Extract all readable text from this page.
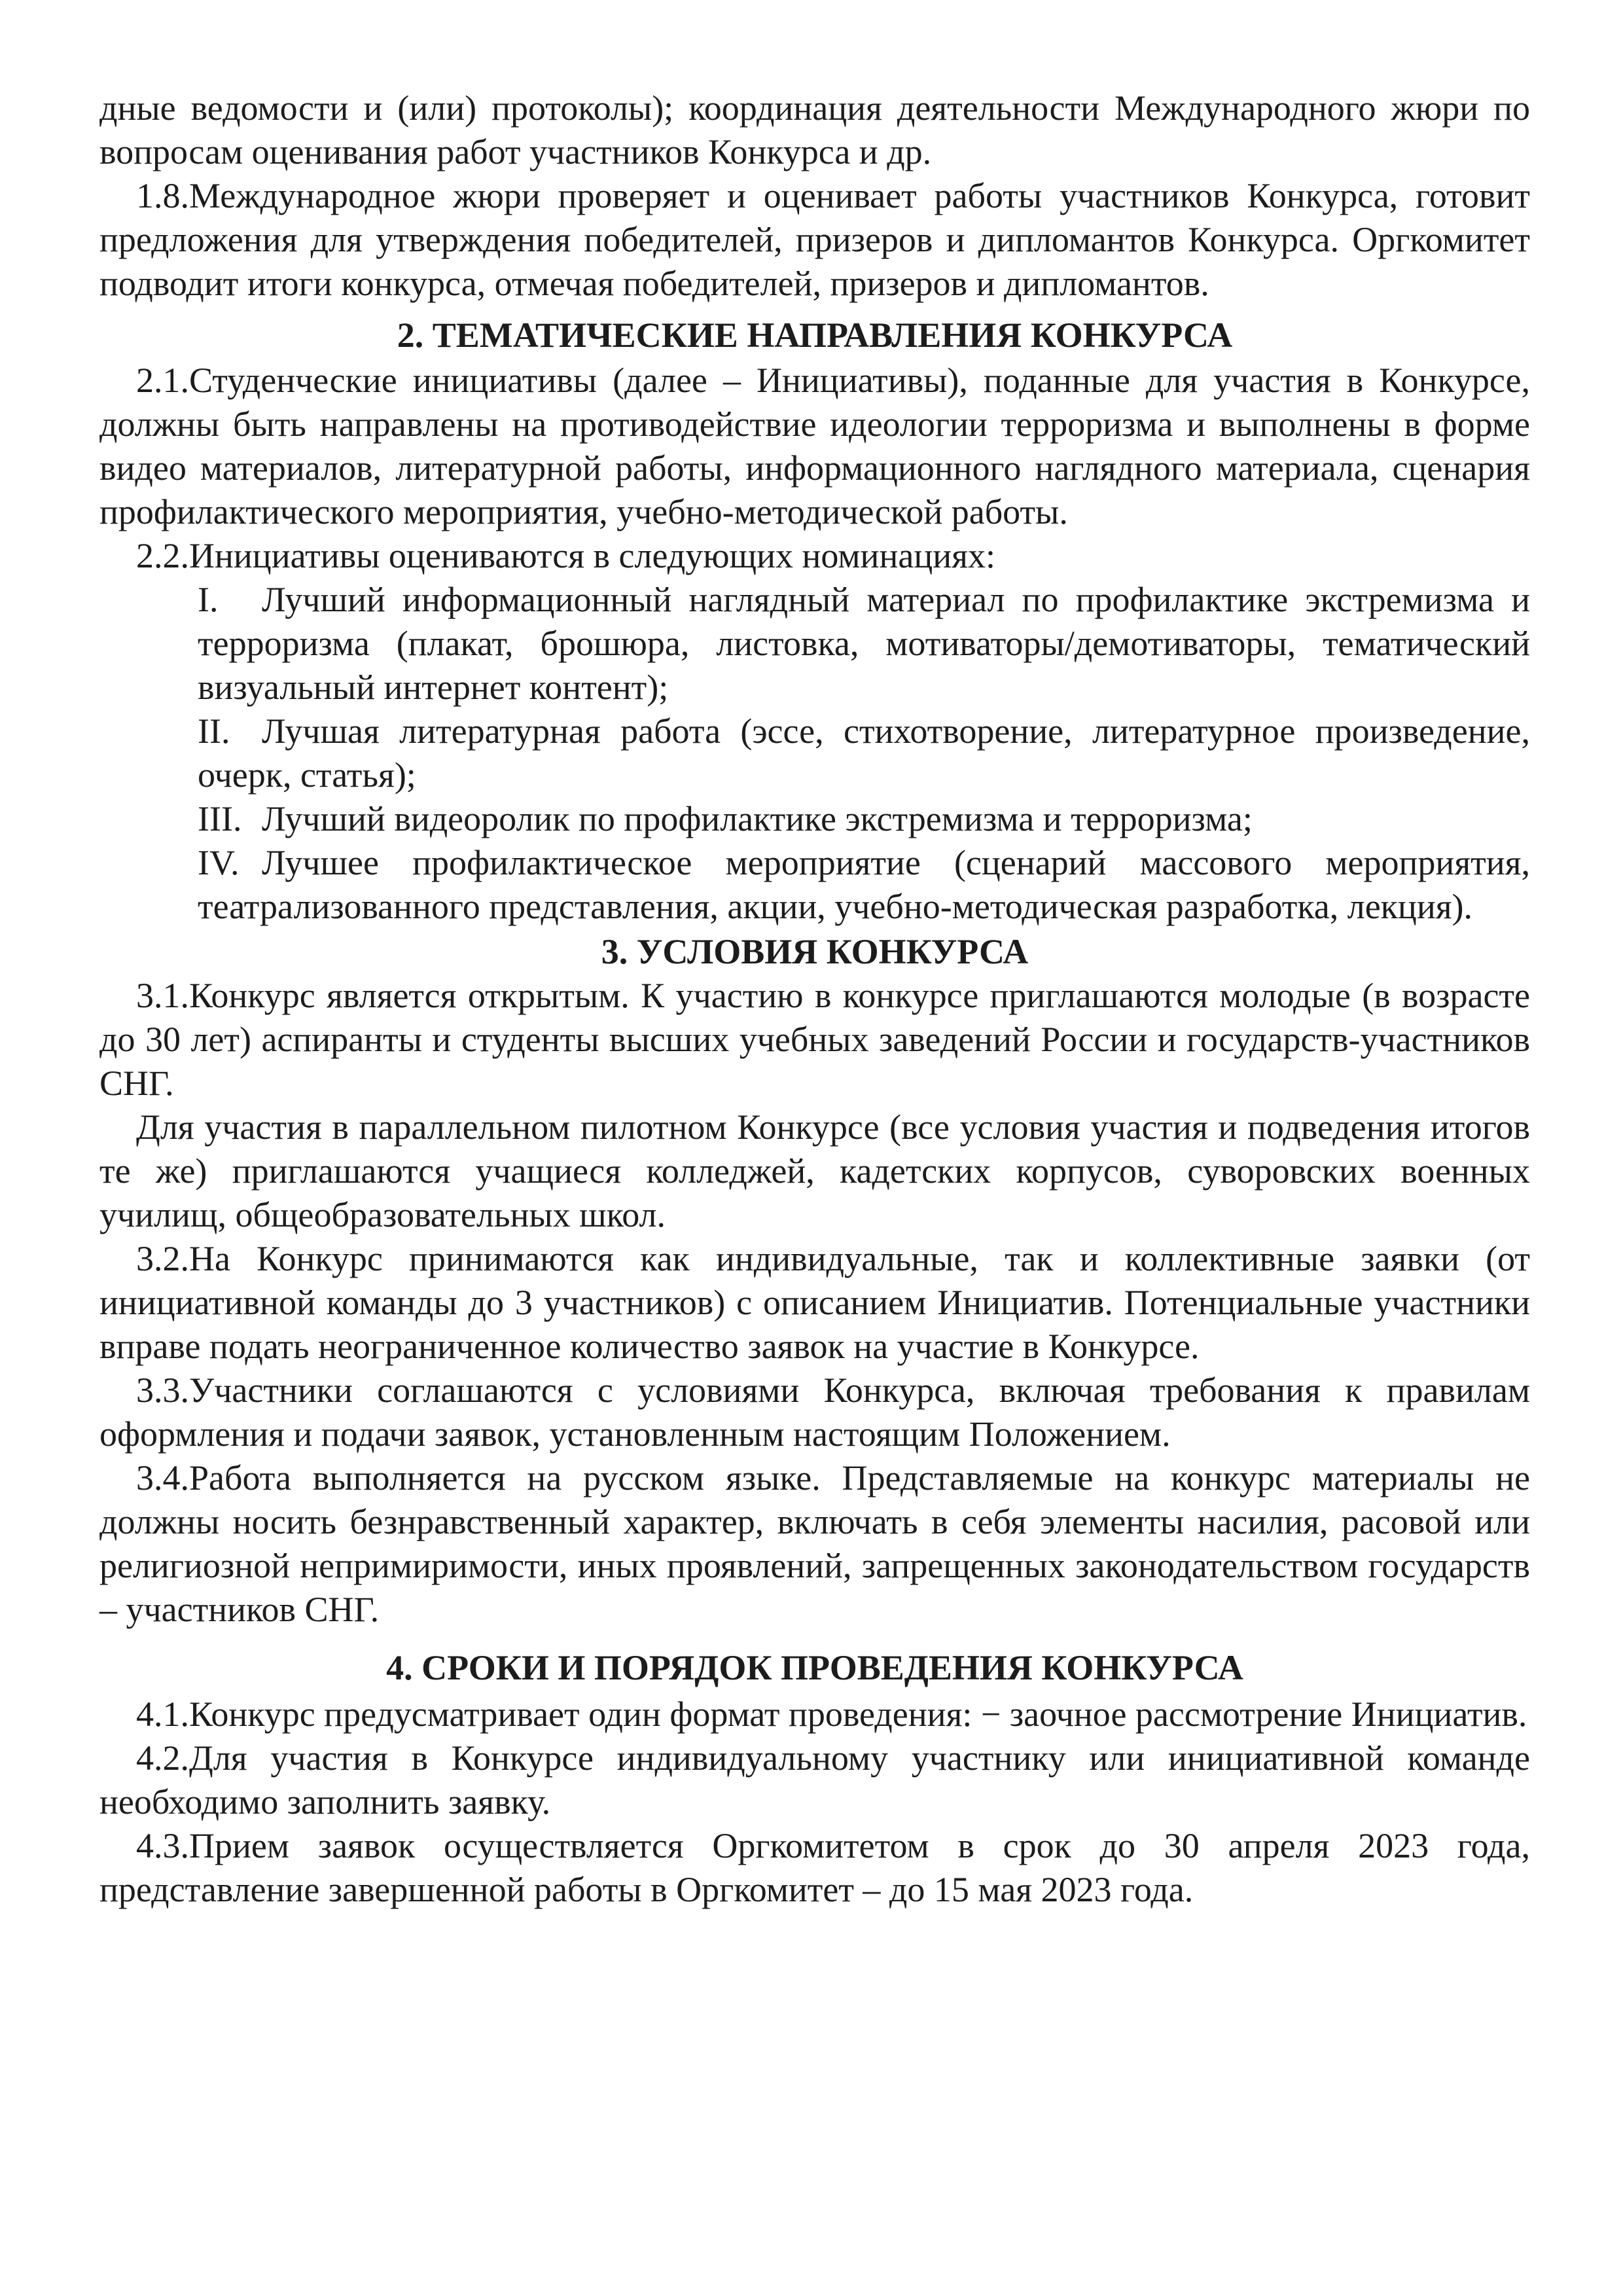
дные ведомости и (или) протоколы); координация деятельности Международного жюри по вопросам оценивания работ участников Конкурса и др.

1.8.Международное жюри проверяет и оценивает работы участников Конкурса, готовит предложения для утверждения победителей, призеров и дипломантов Конкурса. Оргкомитет подводит итоги конкурса, отмечая победителей, призеров и дипломантов.

2. ТЕМАТИЧЕСКИЕ НАПРАВЛЕНИЯ КОНКУРСА

2.1.Студенческие инициативы (далее – Инициативы), поданные для участия в Конкурсе, должны быть направлены на противодействие идеологии терроризма и выполнены в форме видео материалов, литературной работы, информационного наглядного материала, сценария профилактического мероприятия, учебно-методической работы.

2.2.Инициативы оцениваются в следующих номинациях:

I. Лучший информационный наглядный материал по профилактике экстремизма и терроризма (плакат, брошюра, листовка, мотиваторы/демотиваторы, тематический визуальный интернет контент);
II. Лучшая литературная работа (эссе, стихотворение, литературное произведение, очерк, статья);
III. Лучший видеоролик по профилактике экстремизма и терроризма;
IV. Лучшее профилактическое мероприятие (сценарий массового мероприятия, театрализованного представления, акции, учебно-методическая разработка, лекция).
3. УСЛОВИЯ КОНКУРСА

3.1.Конкурс является открытым. К участию в конкурсе приглашаются молодые (в возрасте до 30 лет) аспиранты и студенты высших учебных заведений России и государств-участников СНГ.

Для участия в параллельном пилотном Конкурсе (все условия участия и подведения итогов те же) приглашаются учащиеся колледжей, кадетских корпусов, суворовских военных училищ, общеобразовательных школ.

3.2.На Конкурс принимаются как индивидуальные, так и коллективные заявки (от инициативной команды до 3 участников) с описанием Инициатив. Потенциальные участники вправе подать неограниченное количество заявок на участие в Конкурсе.

3.3.Участники соглашаются с условиями Конкурса, включая требования к правилам оформления и подачи заявок, установленным настоящим Положением.

3.4.Работа выполняется на русском языке. Представляемые на конкурс материалы не должны носить безнравственный характер, включать в себя элементы насилия, расовой или религиозной непримиримости, иных проявлений, запрещенных законодательством государств – участников СНГ.

4. СРОКИ И ПОРЯДОК ПРОВЕДЕНИЯ КОНКУРСА

4.1.Конкурс предусматривает один формат проведения: − заочное рассмотрение Инициатив.

4.2.Для участия в Конкурсе индивидуальному участнику или инициативной команде необходимо заполнить заявку.

4.3.Прием заявок осуществляется Оргкомитетом в срок до 30 апреля 2023 года, представление завершенной работы в Оргкомитет – до 15 мая 2023 года.
